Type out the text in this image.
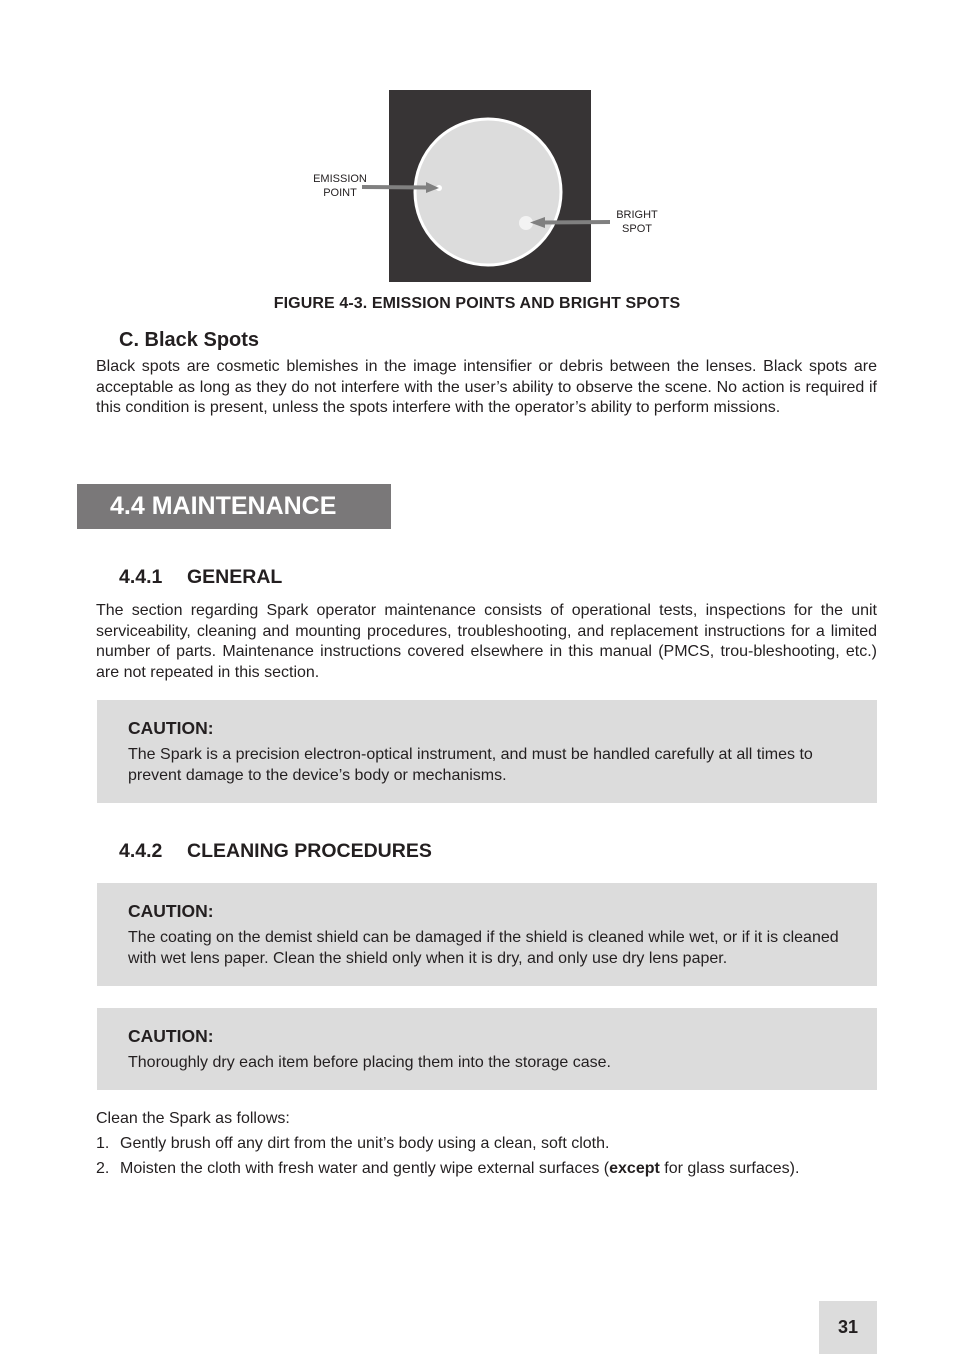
EMISSION
POINT
BRIGHT
SPOT
FIGURE 4-3. EMISSION POINTS AND BRIGHT SPOTS
C. Black Spots
Black spots are cosmetic blemishes in the image intensifier or debris between the lenses. Black spots are acceptable as long as they do not interfere with the user’s ability to observe the scene. No action is required if this condition is present, unless the spots interfere with the operator’s ability to perform missions.
4.4 MAINTENANCE
4.4.1 GENERAL
The section regarding Spark operator maintenance consists of operational tests, inspections for the unit serviceability, cleaning and mounting procedures, troubleshooting, and replacement instructions for a limited number of parts. Maintenance instructions covered elsewhere in this manual (PMCS, trou-bleshooting, etc.) are not repeated in this section.
CAUTION:
The Spark is a precision electron-optical instrument, and must be handled carefully at all times to prevent damage to the device’s body or mechanisms.
4.4.2 CLEANING PROCEDURES
CAUTION:
The coating on the demist shield can be damaged if the shield is cleaned while wet, or if it is cleaned with wet lens paper. Clean the shield only when it is dry, and only use dry lens paper.
CAUTION:
Thoroughly dry each item before placing them into the storage case.
Clean the Spark as follows:
1. Gently brush off any dirt from the unit’s body using a clean, soft cloth.
2. Moisten the cloth with fresh water and gently wipe external surfaces (except for glass surfaces).
31
